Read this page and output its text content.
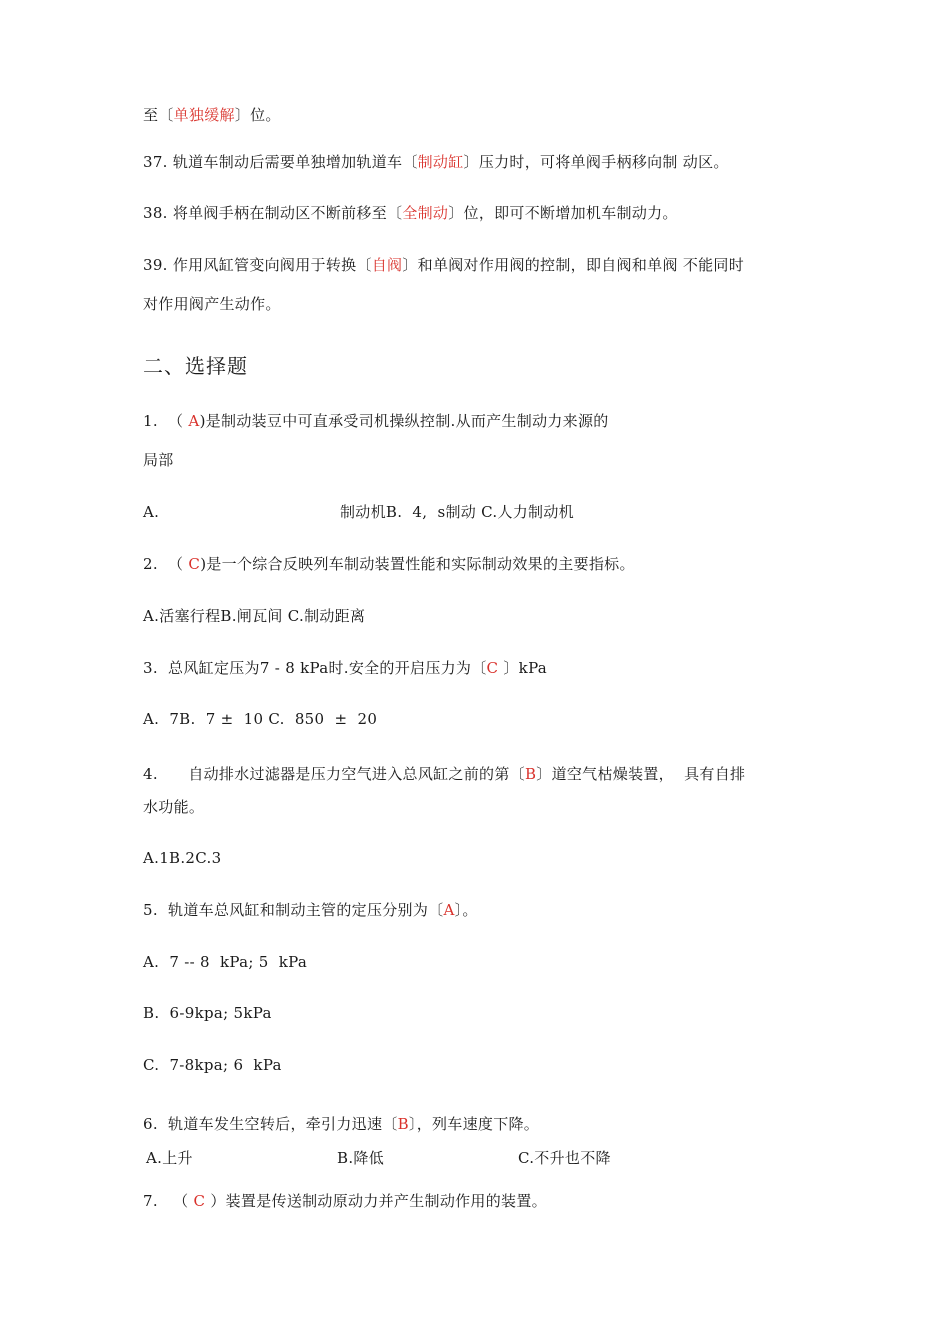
至〔单独缓解〕位。
37. 轨道车制动后需要单独增加轨道车〔制动缸〕压力时，可将单阀手柄移向制 动区。
38. 将单阀手柄在制动区不断前移至〔全制动〕位，即可不断增加机车制动力。
39. 作用风缸管变向阀用于转换〔自阀〕和单阀对作用阀的控制，即自阀和单阀 不能同时
对作用阀产生动作。
二、选择题
1.  （ A)是制动装豆中可直承受司机操纵控制.从而产生制动力来源的
局部
A.	制动机B.  4,  s制动 C.人力制动机
2.  （ C)是一个综合反映列车制动装置性能和实际制动效果的主要指标。
A.活塞行程B.闸瓦间 C.制动距离
3.  总风缸定压为7 - 8 kPa时.安全的开启压力为〔C 〕kPa
A.  7B.  7 ±  10 C.  850  ±  20
4.      自动排水过滤器是压力空气进入总风缸之前的第〔B〕道空气枯燥装置，  具有自排
水功能。
A.1B.2C.3
5.  轨道车总风缸和制动主管的定压分别为〔A〕。
A.  7 -- 8  kPa; 5  kPa
B.  6-9kpa; 5kPa
C.  7-8kpa; 6  kPa
6.  轨道车发生空转后，牵引力迅速〔B〕，列车速度下降。
A.上升	B.降低	C.不升也不降
7.   （ C ）装置是传送制动原动力并产生制动作用的装置。
